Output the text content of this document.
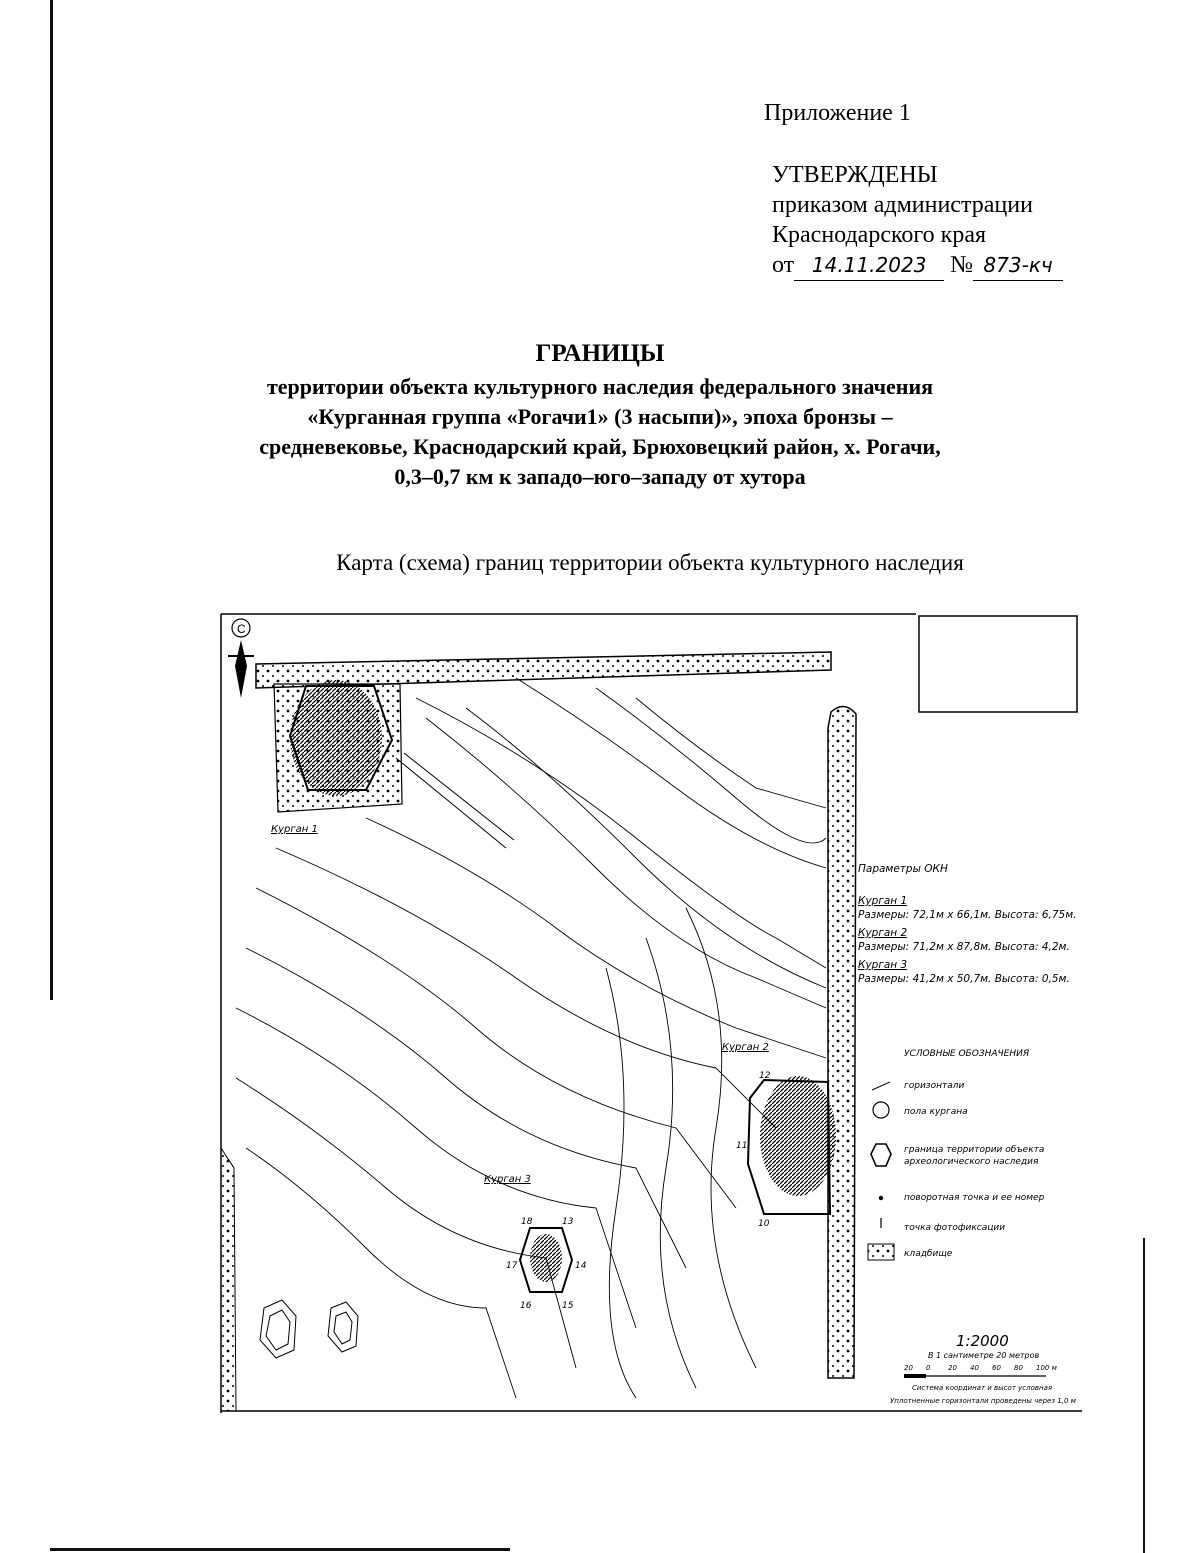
Приложение 1
УТВЕРЖДЕНЫ
приказом администрации
Краснодарского края
от 14.11.2023 № 873-кч
ГРАНИЦЫ
территории объекта культурного наследия федерального значения
«Курганная группа «Рогачи1» (3 насыпи)», эпоха бронзы –
средневековье, Краснодарский край, Брюховецкий район, х. Рогачи,
0,3–0,7 км к западо–юго–западу от хутора
Карта (схема) границ территории объекта культурного наследия
С
Курган 1
Курган 2
12
11
10
Курган 3
18	13
14
15
16
17
Параметры ОКН
Курган 1
Размеры: 72,1м х 66,1м. Высота: 6,75м.
Курган 2
Размеры: 71,2м х 87,8м. Высота: 4,2м.
Курган 3
Размеры: 41,2м х 50,7м. Высота: 0,5м.
УСЛОВНЫЕ ОБОЗНАЧЕНИЯ
горизонтали
пола кургана
граница территории объекта
археологического наследия
поворотная точка и ее номер
точка фотофиксации
кладбище
1:2000
В 1 сантиметре 20 метров
20 0	20 40 60 80 100 м
Система координат и высот условная
Уплотненные горизонтали проведены через 1,0 м
